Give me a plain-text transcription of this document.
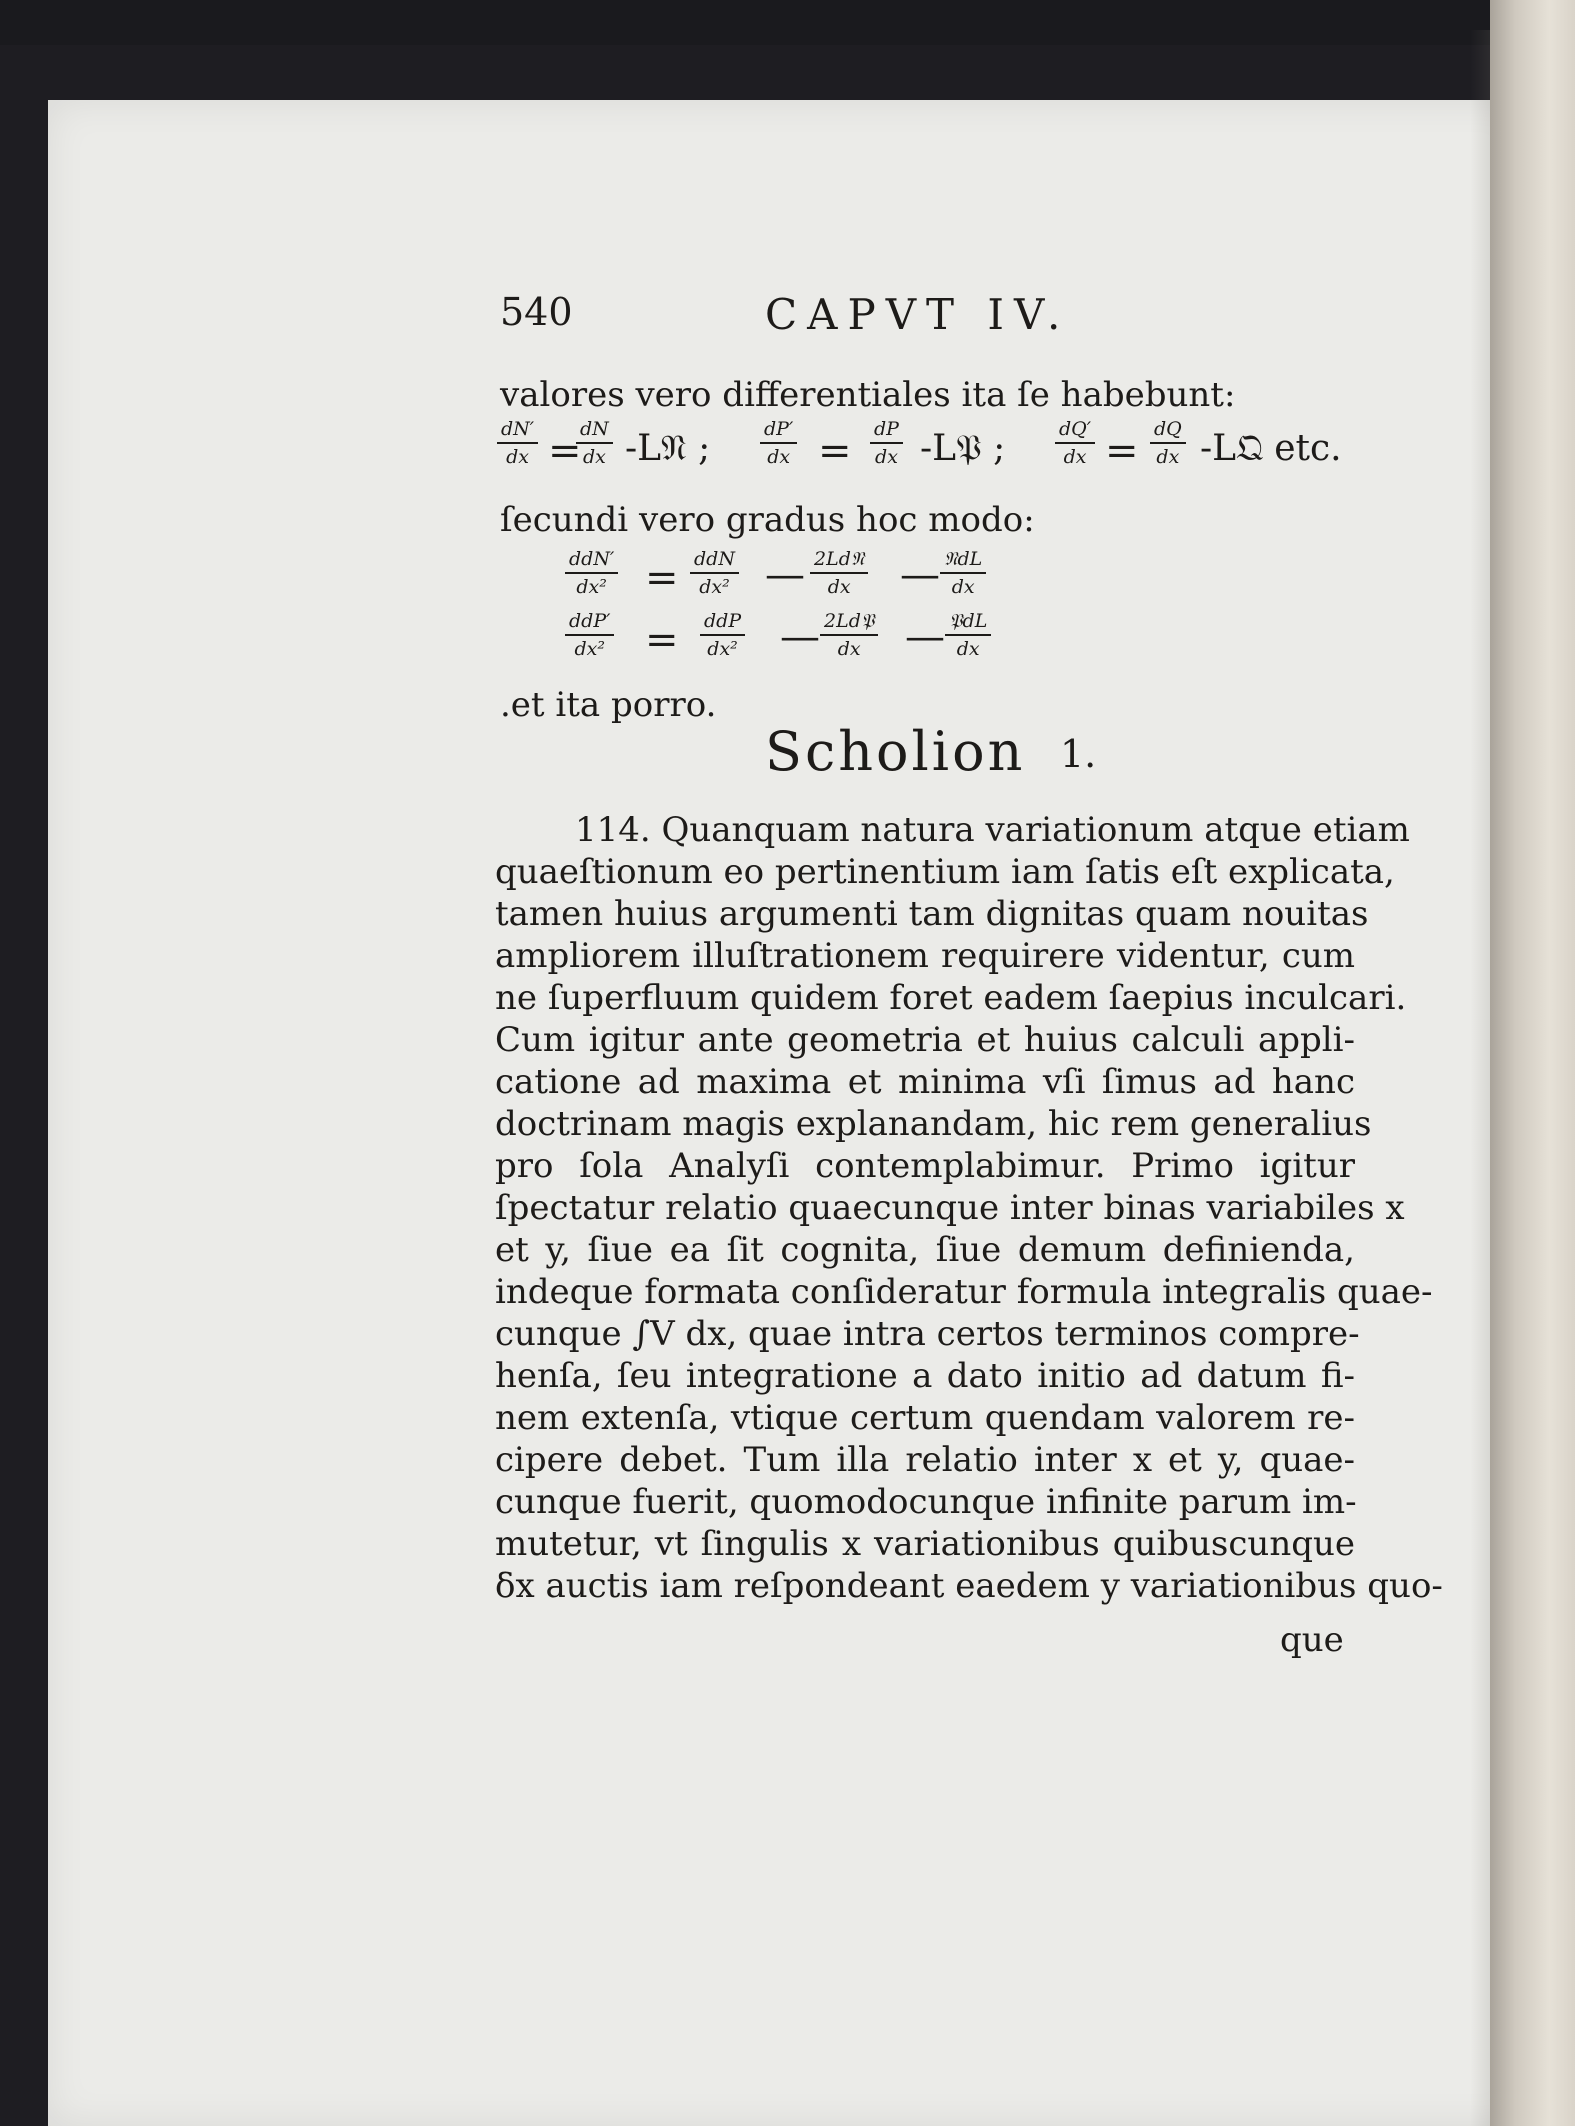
540	CAPVT IV.
valores vero differentiales ita ſe habebunt:
$\frac{dN'}{dx}$ =
$\frac{dN}{dx}$ -L𝔑 ;	$\frac{dP'}{dx} = \frac{dP}{dx}$ -L𝔓 ;	$\frac{dQ'}{dx} = \frac{dQ}{dx}$ -L𝔔 etc.
ſecundi vero gradus hoc modo:
ddN′
dx² = ddN
dx² — 2Ld𝔑
dx	— 𝔑dL
dx
ddP′
dx² = ddP
dx² — 2Ld𝔓
dx	— 𝔓dL
dx
.et ita porro.
Scholion 1.
114. Quanquam natura variationum atque etiam
quaeſtionum eo pertinentium iam ſatis eſt explicata,
tamen huius argumenti tam dignitas quam nouitas
ampliorem illuſtrationem requirere videntur, cum
ne ſuperfluum quidem foret eadem ſaepius inculcari.
Cum igitur ante geometria et huius calculi appli-
catione ad maxima et minima vſi ſimus ad hanc
doctrinam magis explanandam, hic rem generalius
pro ſola Analyſi contemplabimur. Primo igitur
ſpectatur relatio quaecunque inter binas variabiles x
et y, ſiue ea ſit cognita, ſiue demum definienda,
indeque formata conſideratur formula integralis quae-
cunque ∫V dx, quae intra certos terminos compre-
henſa, ſeu integratione a dato initio ad datum fi-
nem extenſa, vtique certum quendam valorem re-
cipere debet. Tum illa relatio inter x et y, quae-
cunque fuerit, quomodocunque infinite parum im-
mutetur, vt ſingulis x variationibus quibuscunque
δx auctis iam reſpondeant eaedem y variationibus quo-
que
